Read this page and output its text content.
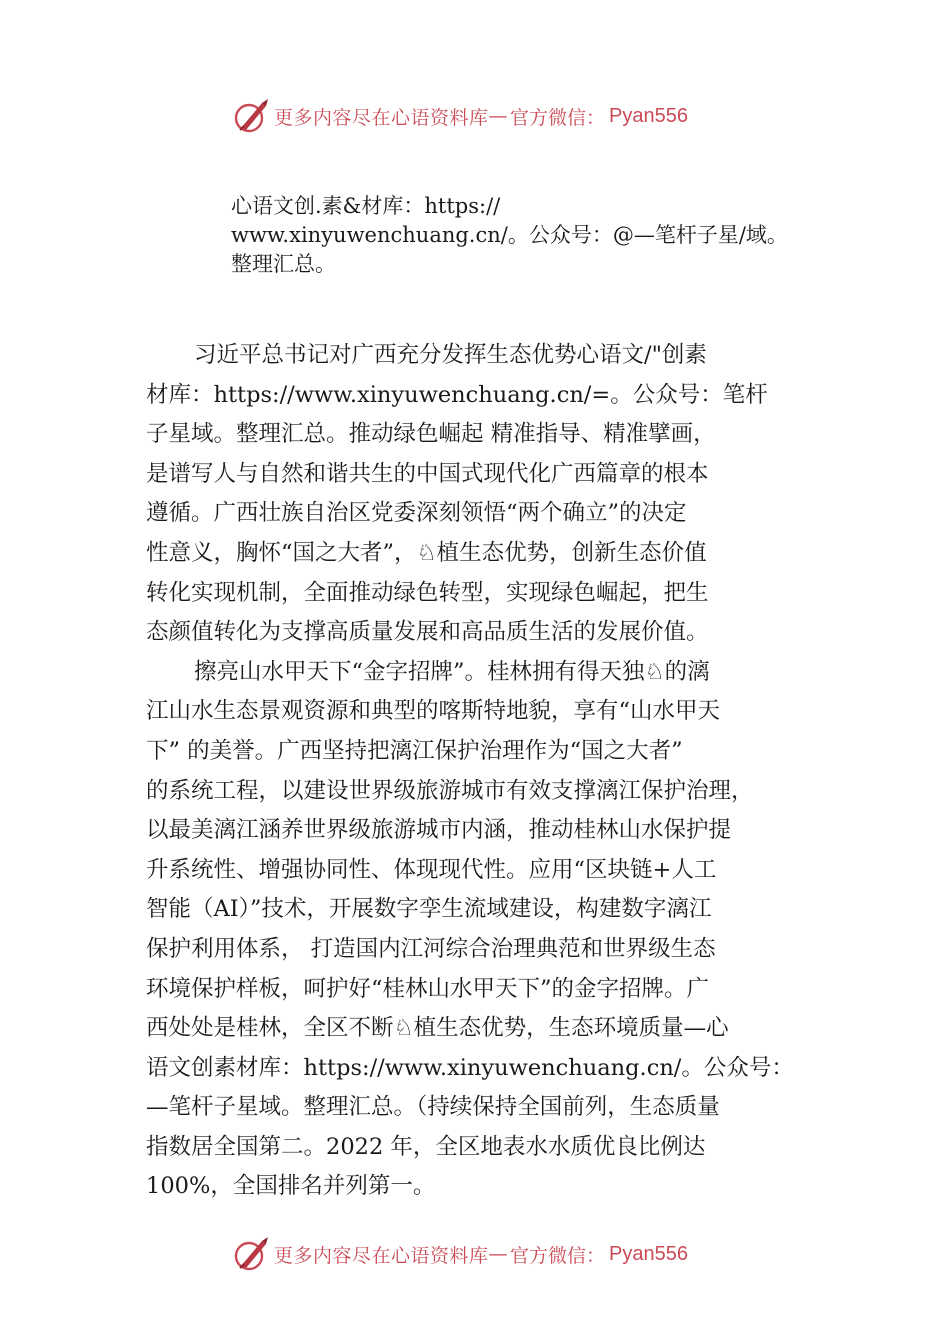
更多内容尽在心语资料库 — 官方微信： Pyan556
心语文创.素&材库：https://
www.xinyuwenchuang.cn/。公众号：@—笔杆子星/域。
整理汇总。
习近平总书记对广西充分发挥生态优势心语文/"创素
材库：https://www.xinyuwenchuang.cn/=。公众号：笔杆
子星域。整理汇总。推动绿色崛起 精准指导、精准擘画，
是谱写人与自然和谐共生的中国式现代化广西篇章的根本
遵循。广西壮族自治区党委深刻领悟“两个确立”的决定
性意义，胸怀“国之大者”，♘植生态优势，创新生态价值
转化实现机制，全面推动绿色转型，实现绿色崛起，把生
态颜值转化为支撑高质量发展和高品质生活的发展价值。
擦亮山水甲天下“金字招牌”。桂林拥有得天独♘的漓
江山水生态景观资源和典型的喀斯特地貌，享有“山水甲天
下” 的美誉。广西坚持把漓江保护治理作为“国之大者”
的系统工程，以建设世界级旅游城市有效支撑漓江保护治理，
以最美漓江涵养世界级旅游城市内涵，推动桂林山水保护提
升系统性、增强协同性、体现现代性。应用“区块链+人工
智能（AI）”技术，开展数字孪生流域建设，构建数字漓江
保护利用体系， 打造国内江河综合治理典范和世界级生态
环境保护样板，呵护好“桂林山水甲天下”的金字招牌。广
西处处是桂林，全区不断♘植生态优势，生态环境质量—心
语文创素材库：https://www.xinyuwenchuang.cn/。公众号：
—笔杆子星域。整理汇总。（持续保持全国前列，生态质量
指数居全国第二。2022 年，全区地表水水质优良比例达
100%，全国排名并列第一。
更多内容尽在心语资料库 — 官方微信： Pyan556
